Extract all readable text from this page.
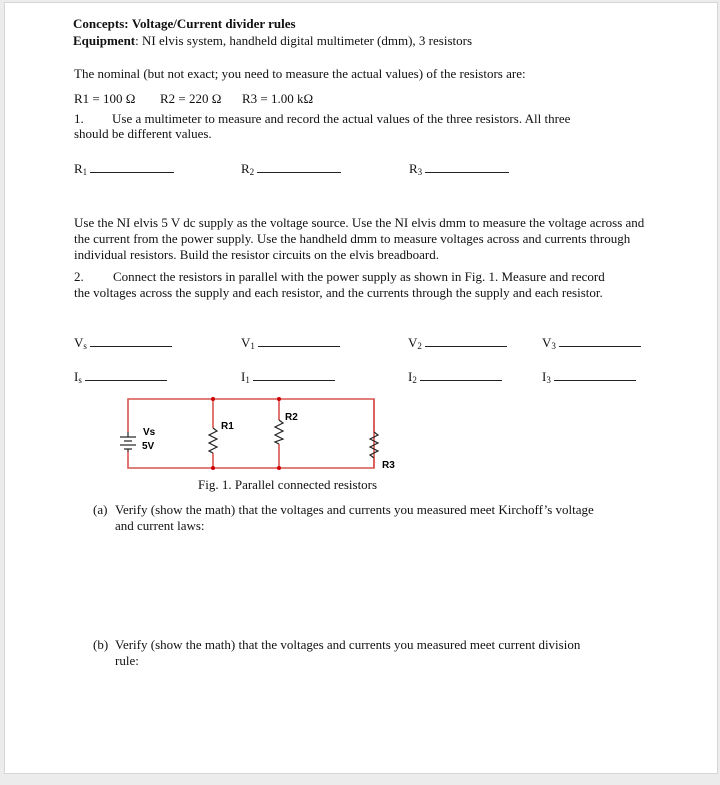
Concepts: Voltage/Current divider rules
Equipment: NI elvis system, handheld digital multimeter (dmm), 3 resistors
The nominal (but not exact; you need to measure the actual values) of the resistors are:
R1 = 100 Ω R2 = 220 Ω R3 = 1.00 kΩ
1. Use a multimeter to measure and record the actual values of the three resistors. All three
should be different values.
$R_1$	$R_2$	$R_3$
Use the NI elvis 5 V dc supply as the voltage source. Use the NI elvis dmm to measure the voltage across and the current from the power supply. Use the handheld dmm to measure voltages across and currents through individual resistors. Build the resistor circuits on the elvis breadboard.
2. Connect the resistors in parallel with the power supply as shown in Fig. 1. Measure and record
the voltages across the supply and each resistor, and the currents through the supply and each resistor.
$V_s$	$V_1$	$V_2$	$V_3$
$I_s$	$I_1$	$I_2$	$I_3$
Vs
5V
R1
R2
R3
Fig. 1. Parallel connected resistors
(a) Verify (show the math) that the voltages and currents you measured meet Kirchoff’s voltage
and current laws:
(b) Verify (show the math) that the voltages and currents you measured meet current division
rule:
